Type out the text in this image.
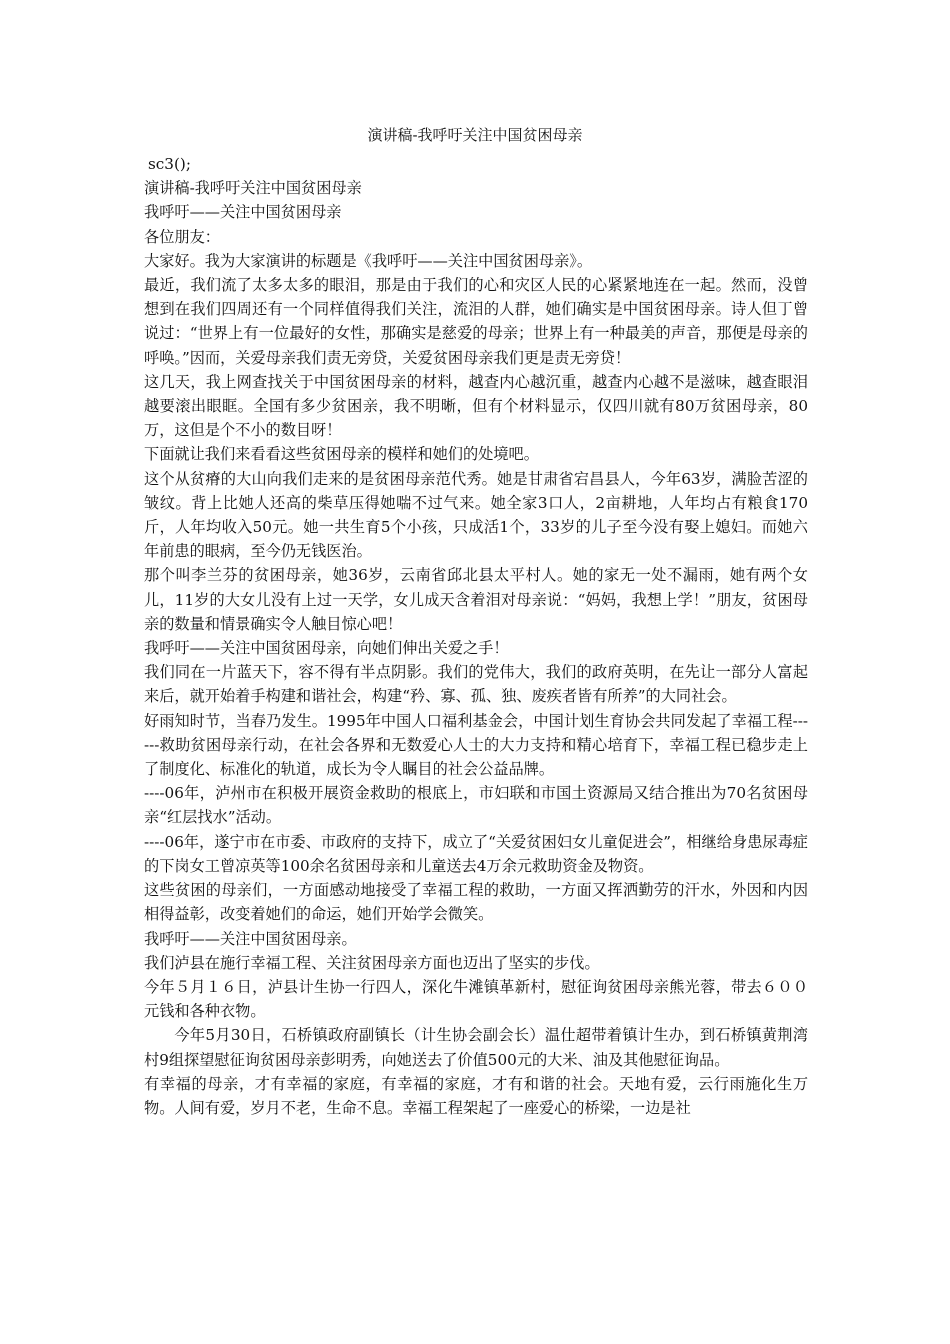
演讲稿-我呼吁关注中国贫困母亲

sc3();

演讲稿-我呼吁关注中国贫困母亲

我呼吁——关注中国贫困母亲

各位朋友：

大家好。我为大家演讲的标题是《我呼吁——关注中国贫困母亲》。

最近，我们流了太多太多的眼泪，那是由于我们的心和灾区人民的心紧紧地连在一起。然而，没曾想到在我们四周还有一个同样值得我们关注，流泪的人群，她们确实是中国贫困母亲。诗人但丁曾说过：“世界上有一位最好的女性，那确实是慈爱的母亲；世界上有一种最美的声音，那便是母亲的呼唤。”因而，关爱母亲我们责无旁贷，关爱贫困母亲我们更是责无旁贷！

这几天，我上网查找关于中国贫困母亲的材料，越查内心越沉重，越查内心越不是滋味，越查眼泪越要滚出眼眶。全国有多少贫困亲，我不明晰，但有个材料显示，仅四川就有80万贫困母亲，80万，这但是个不小的数目呀！

下面就让我们来看看这些贫困母亲的模样和她们的处境吧。

这个从贫瘠的大山向我们走来的是贫困母亲范代秀。她是甘肃省宕昌县人，今年63岁，满脸苦涩的皱纹。背上比她人还高的柴草压得她喘不过气来。她全家3口人，2亩耕地，人年均占有粮食170斤，人年均收入50元。她一共生育5个小孩，只成活1个，33岁的儿子至今没有娶上媳妇。而她六年前患的眼病，至今仍无钱医治。

那个叫李兰芬的贫困母亲，她36岁，云南省邱北县太平村人。她的家无一处不漏雨，她有两个女儿，11岁的大女儿没有上过一天学，女儿成天含着泪对母亲说：“妈妈，我想上学！”朋友，贫困母亲的数量和情景确实令人触目惊心吧！

我呼吁——关注中国贫困母亲，向她们伸出关爱之手！

我们同在一片蓝天下，容不得有半点阴影。我们的党伟大，我们的政府英明，在先让一部分人富起来后，就开始着手构建和谐社会，构建“矜、寡、孤、独、废疾者皆有所养”的大同社会。

好雨知时节，当春乃发生。1995年中国人口福利基金会，中国计划生育协会共同发起了幸福工程------救助贫困母亲行动，在社会各界和无数爱心人士的大力支持和精心培育下，幸福工程已稳步走上了制度化、标准化的轨道，成长为令人瞩目的社会公益品牌。

----06年，泸州市在积极开展资金救助的根底上，市妇联和市国土资源局又结合推出为70名贫困母亲“红层找水”活动。

----06年，遂宁市在市委、市政府的支持下，成立了“关爱贫困妇女儿童促进会”，相继给身患尿毒症的下岗女工曾凉英等100余名贫困母亲和儿童送去4万余元救助资金及物资。

这些贫困的母亲们，一方面感动地接受了幸福工程的救助，一方面又挥洒勤劳的汗水，外因和内因相得益彰，改变着她们的命运，她们开始学会微笑。

我呼吁——关注中国贫困母亲。

我们泸县在施行幸福工程、关注贫困母亲方面也迈出了坚实的步伐。

今年５月１６日，泸县计生协一行四人，深化牛滩镇革新村，慰征询贫困母亲熊光蓉，带去６００元钱和各种衣物。

今年5月30日，石桥镇政府副镇长（计生协会副会长）温仕超带着镇计生办，到石桥镇黄荆湾村9组探望慰征询贫困母亲彭明秀，向她送去了价值500元的大米、油及其他慰征询品。

有幸福的母亲，才有幸福的家庭，有幸福的家庭，才有和谐的社会。天地有爱，云行雨施化生万物。人间有爱，岁月不老，生命不息。幸福工程架起了一座爱心的桥梁，一边是社
